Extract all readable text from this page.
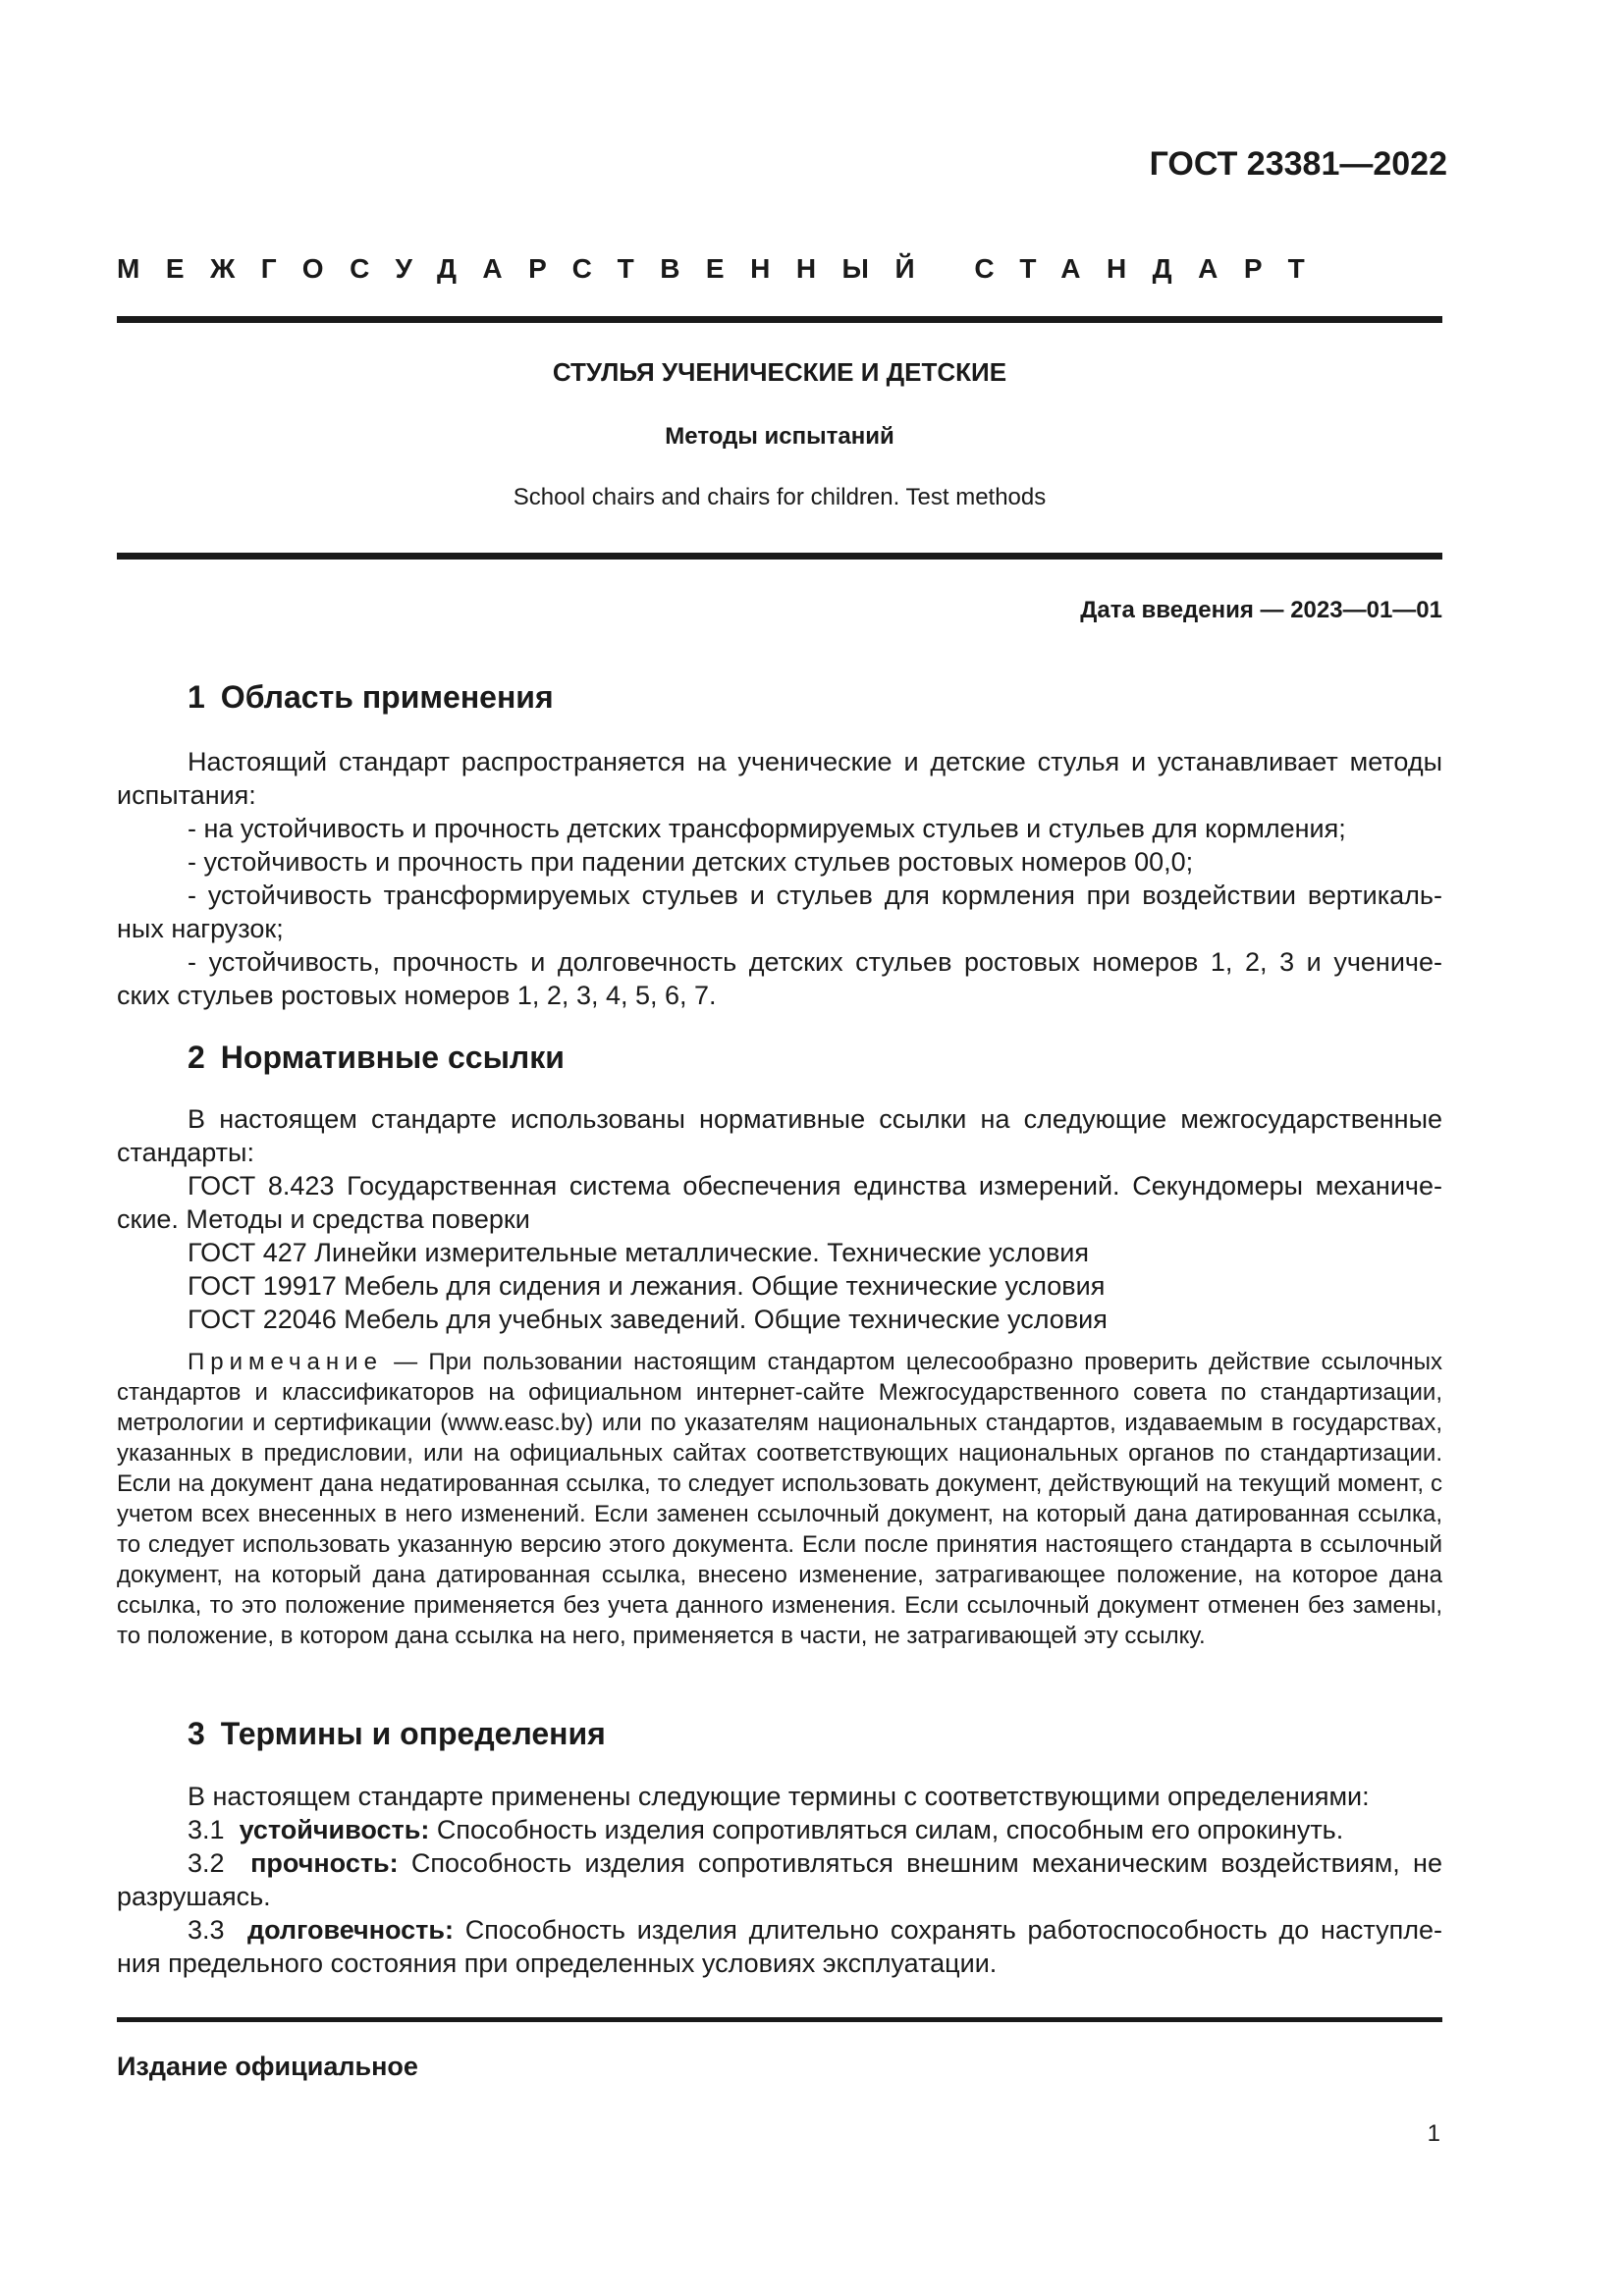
ГОСТ 23381—2022
МЕЖГОСУДАРСТВЕННЫЙ СТАНДАРТ
СТУЛЬЯ УЧЕНИЧЕСКИЕ И ДЕТСКИЕ
Методы испытаний
School chairs and chairs for children. Test methods
Дата введения — 2023—01—01
1 Область применения
Настоящий стандарт распространяется на ученические и детские стулья и устанавливает методы
испытания:
- на устойчивость и прочность детских трансформируемых стульев и стульев для кормления;
- устойчивость и прочность при падении детских стульев ростовых номеров 00,0;
- устойчивость трансформируемых стульев и стульев для кормления при воздействии вертикаль-
ных нагрузок;
- устойчивость, прочность и долговечность детских стульев ростовых номеров 1, 2, 3 и учениче-
ских стульев ростовых номеров 1, 2, 3, 4, 5, 6, 7.
2 Нормативные ссылки
В настоящем стандарте использованы нормативные ссылки на следующие межгосударственные
стандарты:
ГОСТ 8.423 Государственная система обеспечения единства измерений. Секундомеры механиче-
ские. Методы и средства поверки
ГОСТ 427 Линейки измерительные металлические. Технические условия
ГОСТ 19917 Мебель для сидения и лежания. Общие технические условия
ГОСТ 22046 Мебель для учебных заведений. Общие технические условия
Примечание — При пользовании настоящим стандартом целесообразно проверить действие ссылочных стандартов и классификаторов на официальном интернет-сайте Межгосударственного совета по стандартизации, метрологии и сертификации (www.easc.by) или по указателям национальных стандартов, издаваемым в государствах, указанных в предисловии, или на официальных сайтах соответствующих национальных органов по стандартизации. Если на документ дана недатированная ссылка, то следует использовать документ, действующий на текущий момент, с учетом всех внесенных в него изменений. Если заменен ссылочный документ, на который дана датированная ссылка, то следует использовать указанную версию этого документа. Если после принятия настоящего стандарта в ссылочный документ, на который дана датированная ссылка, внесено изменение, затрагивающее положение, на которое дана ссылка, то это положение применяется без учета данного изменения. Если ссылочный документ отменен без замены, то положение, в котором дана ссылка на него, применяется в части, не затрагивающей эту ссылку.
3 Термины и определения
В настоящем стандарте применены следующие термины с соответствующими определениями:
3.1 устойчивость: Способность изделия сопротивляться силам, способным его опрокинуть.
3.2 прочность: Способность изделия сопротивляться внешним механическим воздействиям, не
разрушаясь.
3.3 долговечность: Способность изделия длительно сохранять работоспособность до наступле-
ния предельного состояния при определенных условиях эксплуатации.
Издание официальное
1
